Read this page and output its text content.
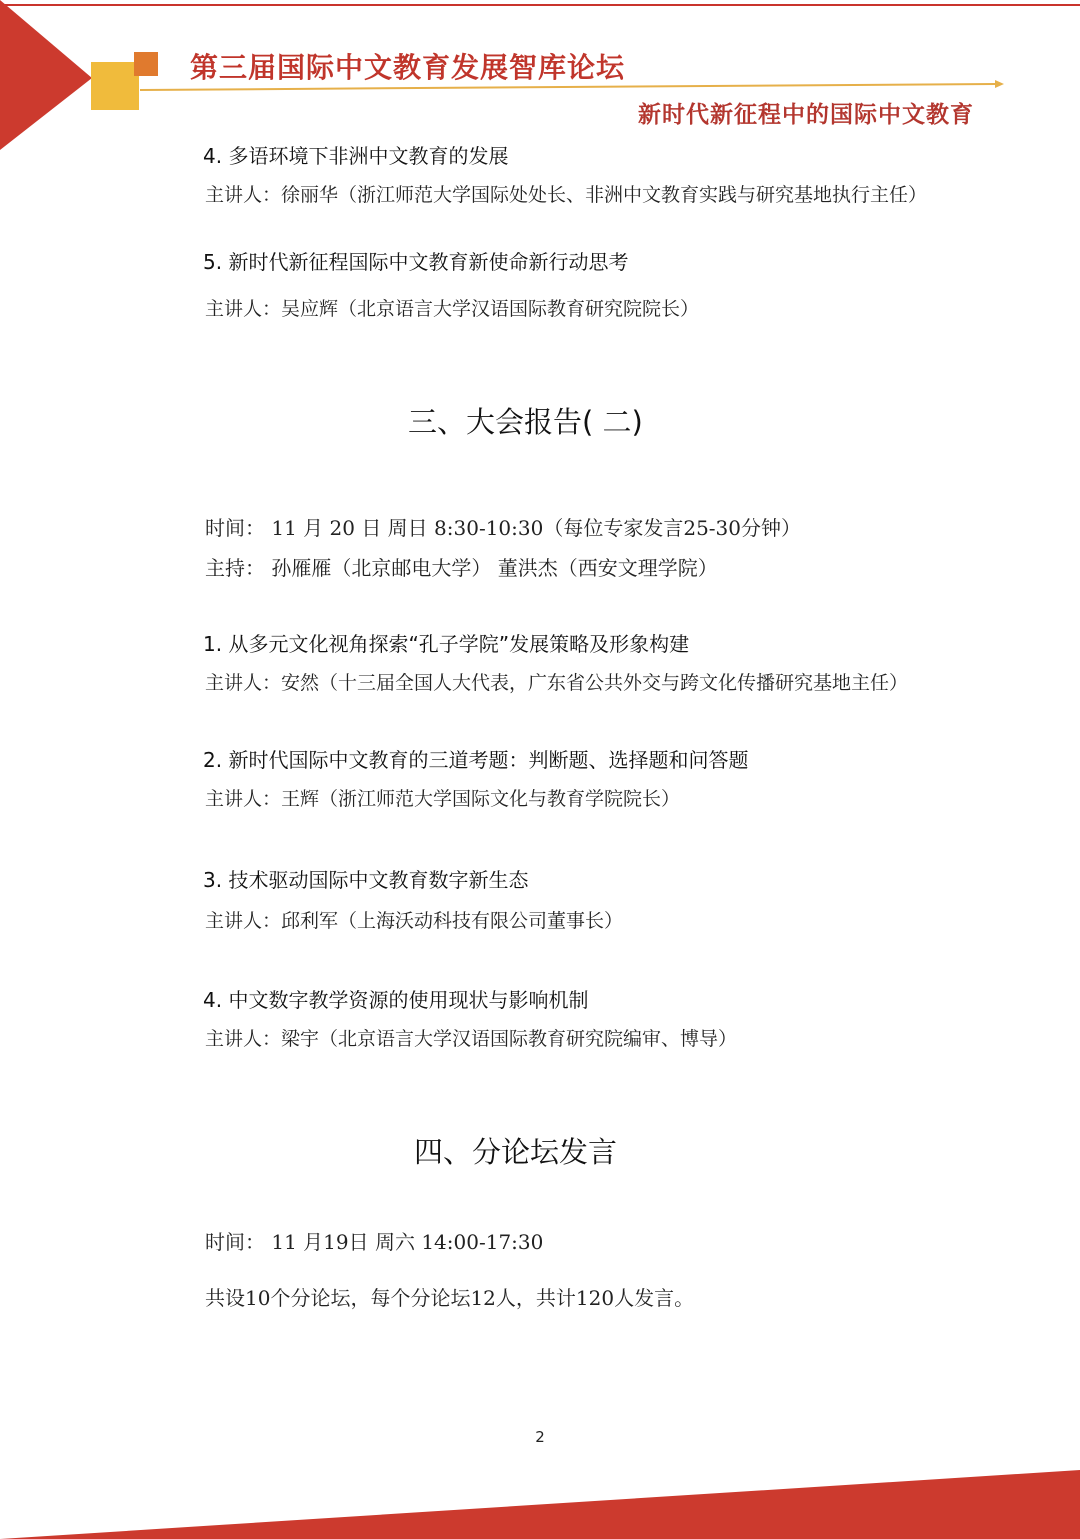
第三届国际中文教育发展智库论坛
新时代新征程中的国际中文教育
4. 多语环境下非洲中文教育的发展
主讲人：徐丽华（浙江师范大学国际处处长、非洲中文教育实践与研究基地执行主任）
5. 新时代新征程国际中文教育新使命新行动思考
主讲人：吴应辉（北京语言大学汉语国际教育研究院院长）
三、大会报告( 二)
时间： 11 月 20 日 周日 8:30-10:30（每位专家发言25-30分钟）
主持： 孙雁雁（北京邮电大学） 董洪杰（西安文理学院）
1. 从多元文化视角探索“孔子学院”发展策略及形象构建
主讲人：安然（十三届全国人大代表，广东省公共外交与跨文化传播研究基地主任）
2. 新时代国际中文教育的三道考题：判断题、选择题和问答题
主讲人：王辉（浙江师范大学国际文化与教育学院院长）
3. 技术驱动国际中文教育数字新生态
主讲人：邱利军（上海沃动科技有限公司董事长）
4. 中文数字教学资源的使用现状与影响机制
主讲人：梁宇（北京语言大学汉语国际教育研究院编审、博导）
四、分论坛发言
时间： 11 月19日 周六 14:00-17:30
共设10个分论坛，每个分论坛12人，共计120人发言。
2
